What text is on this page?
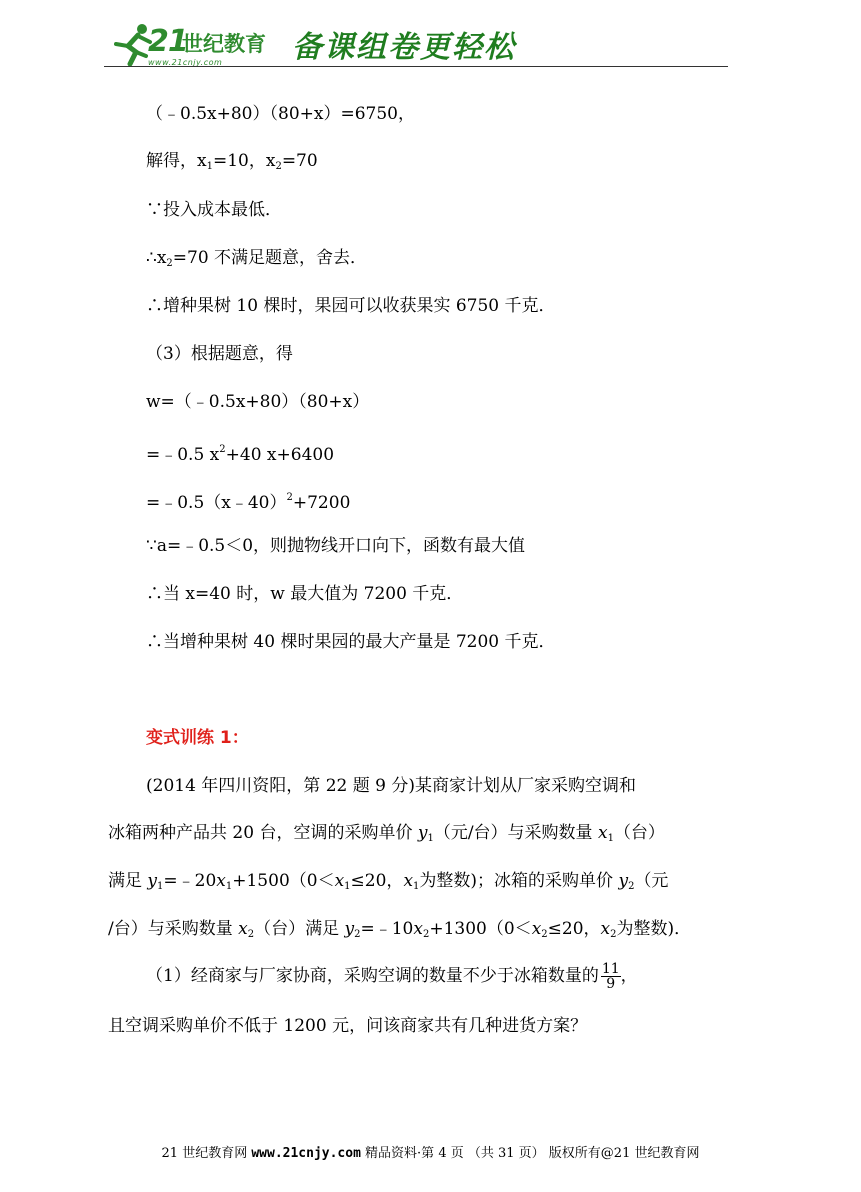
21
世纪教育
www.21cnjy.com 备课组卷更轻松
（﹣0.5x+80）（80+x）=6750，
解得，$x_1=10$，$x_2=70$
∵投入成本最低．
$\therefore x_2=70$ 不满足题意，舍去．
∴增种果树 10 棵时，果园可以收获果实 6750 千克．
（3）根据题意，得
w=（﹣0.5x+80）（80+x）
=﹣0.5 $x^2+40$ x+6400
=﹣0.5（x﹣40）$^2$+7200
∵a=﹣0.5＜0，则抛物线开口向下，函数有最大值
∴当 x=40 时，w 最大值为 7200 千克．
∴当增种果树 40 棵时果园的最大产量是 7200 千克．
变式训练 1：
(2014 年四川资阳，第 22 题 9 分)某商家计划从厂家采购空调和
冰箱两种产品共 20 台，空调的采购单价 $y_1$（元/台）与采购数量 $x_1$（台）
满足 $y_1=﹣20x_1+1500(0<x_1\le 20$，$x_1$为整数)；冰箱的采购单价 $y_2$（元
/台）与采购数量 $x_2$（台）满足 $y_2=﹣10x_2+1300(0<x_2\le 20$，$x_2$为整数)．
（1）经商家与厂家协商，采购空调的数量不少于冰箱数量的 $\frac{11}{9}$ ，
且空调采购单价不低于 1200 元，问该商家共有几种进货方案？
21 世纪教育网 www.21cnjy.com 精品资料·第 4 页 （共 31 页） 版权所有@21 世纪教育网
